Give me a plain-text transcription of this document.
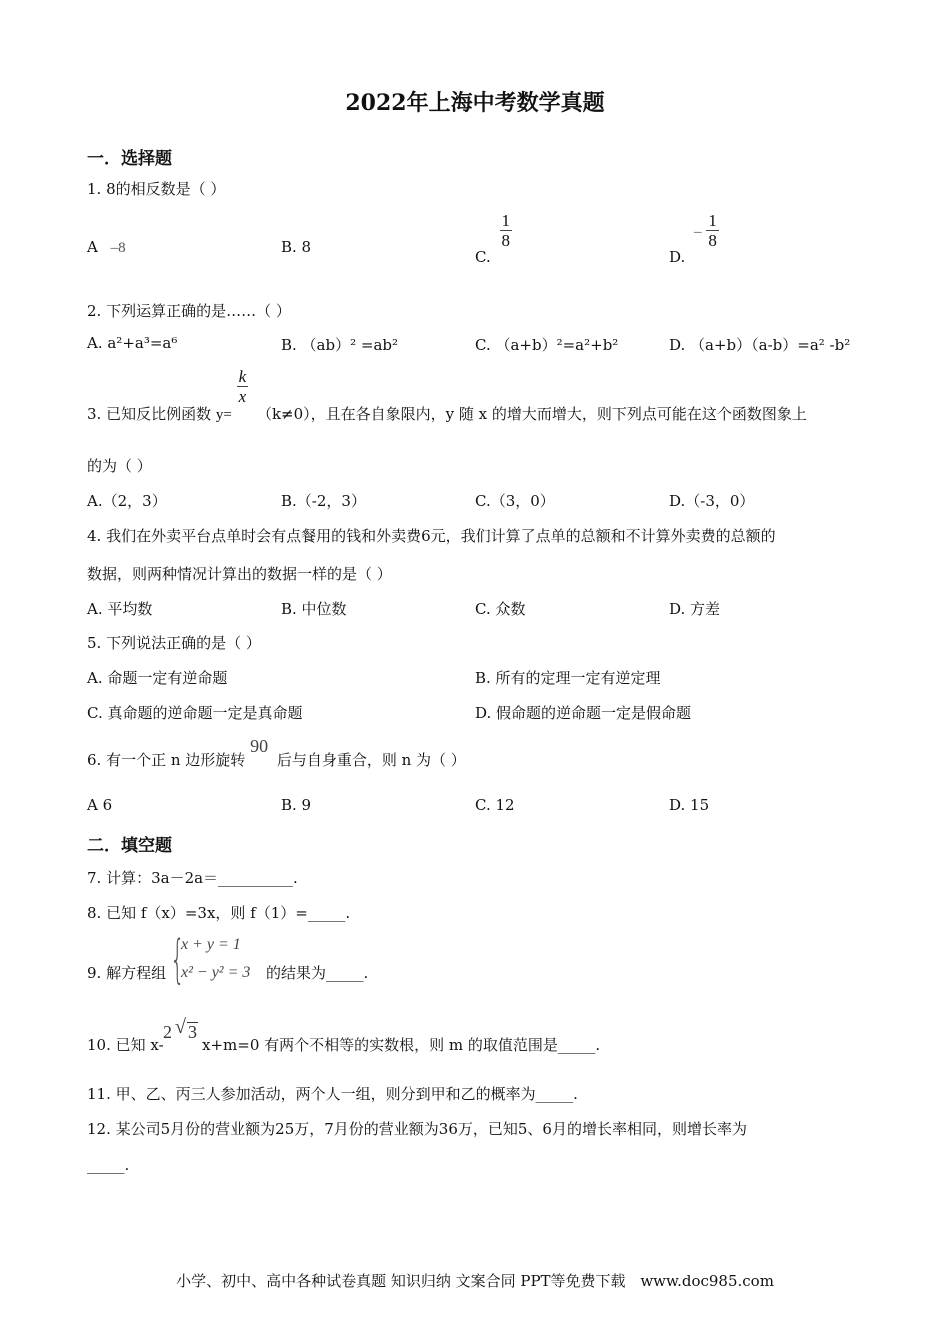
2022年上海中考数学真题
一．选择题
1. 8的相反数是（ ）
A –8	B. 8
C.
$\frac{1}{8}$
D. – $\frac{1}{8}$
2. 下列运算正确的是……（ ）
A. a²+a³=a⁶	B. （ab）² =ab²	C. （a+b）²=a²+b²	D. （a+b）（a-b）=a² -b²
3. 已知反比例函数 y=
$\frac{k}{x}$
（k≠0），且在各自象限内，y 随 x 的增大而增大，则下列点可能在这个函数图象上
的为（ ）
A.（2，3）	B.（-2，3）	C.（3，0）	D.（-3，0）
4. 我们在外卖平台点单时会有点餐用的钱和外卖费6元，我们计算了点单的总额和不计算外卖费的总额的
数据，则两种情况计算出的数据一样的是（ ）
A. 平均数	B. 中位数	C. 众数	D. 方差
5. 下列说法正确的是（ ）
A. 命题一定有逆命题	B. 所有的定理一定有逆定理
C. 真命题的逆命题一定是真命题	D. 假命题的逆命题一定是假命题
6. 有一个正 n 边形旋转 90 后与自身重合，则 n 为（ ）
A 6	B. 9	C. 12	D. 15
二．填空题
7. 计算：3a－2a＝__________.
8. 已知 f（x）=3x，则 f（1）=_____.
9. 解方程组 {
x + y = 1
x² − y² = 3 的结果为_____.
10. 已知 x-
2 √ 3
x+m=0 有两个不相等的实数根，则 m 的取值范围是_____.
11. 甲、乙、丙三人参加活动，两个人一组，则分到甲和乙的概率为_____.
12. 某公司5月份的营业额为25万，7月份的营业额为36万，已知5、6月的增长率相同，则增长率为
_____.
小学、初中、高中各种试卷真题 知识归纳 文案合同 PPT等免费下载 www.doc985.com
